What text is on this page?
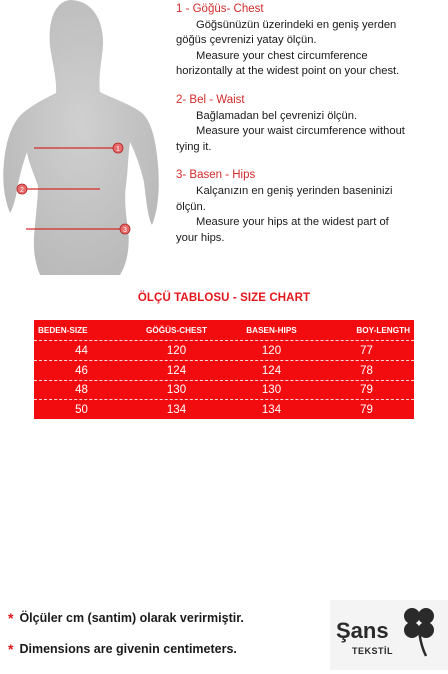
1
2
3
1 - Göğüs- Chest
Göğsünüzün üzerindeki en geniş yerden
göğüs çevrenizi yatay ölçün.
Measure your chest circumference
horizontally at the widest point on your chest.
2- Bel - Waist
Bağlamadan bel çevrenizi ölçün.
Measure your waist circumference without
tying it.
3- Basen - Hips
Kalçanızın en geniş yerinden baseninizi
ölçün.
Measure your hips at the widest part of
your hips.
ÖLÇÜ TABLOSU - SIZE CHART
BEDEN-SIZE	GÖĞÜS-CHEST	BASEN-HIPS	BOY-LENGTH
44	120	120	77
46	124	124	78
48	130	130	79
50	134	134	79
* Ölçüler cm (santim) olarak verirmiştir.
* Dimensions are givenin centimeters.
Şans
TEKSTİL
